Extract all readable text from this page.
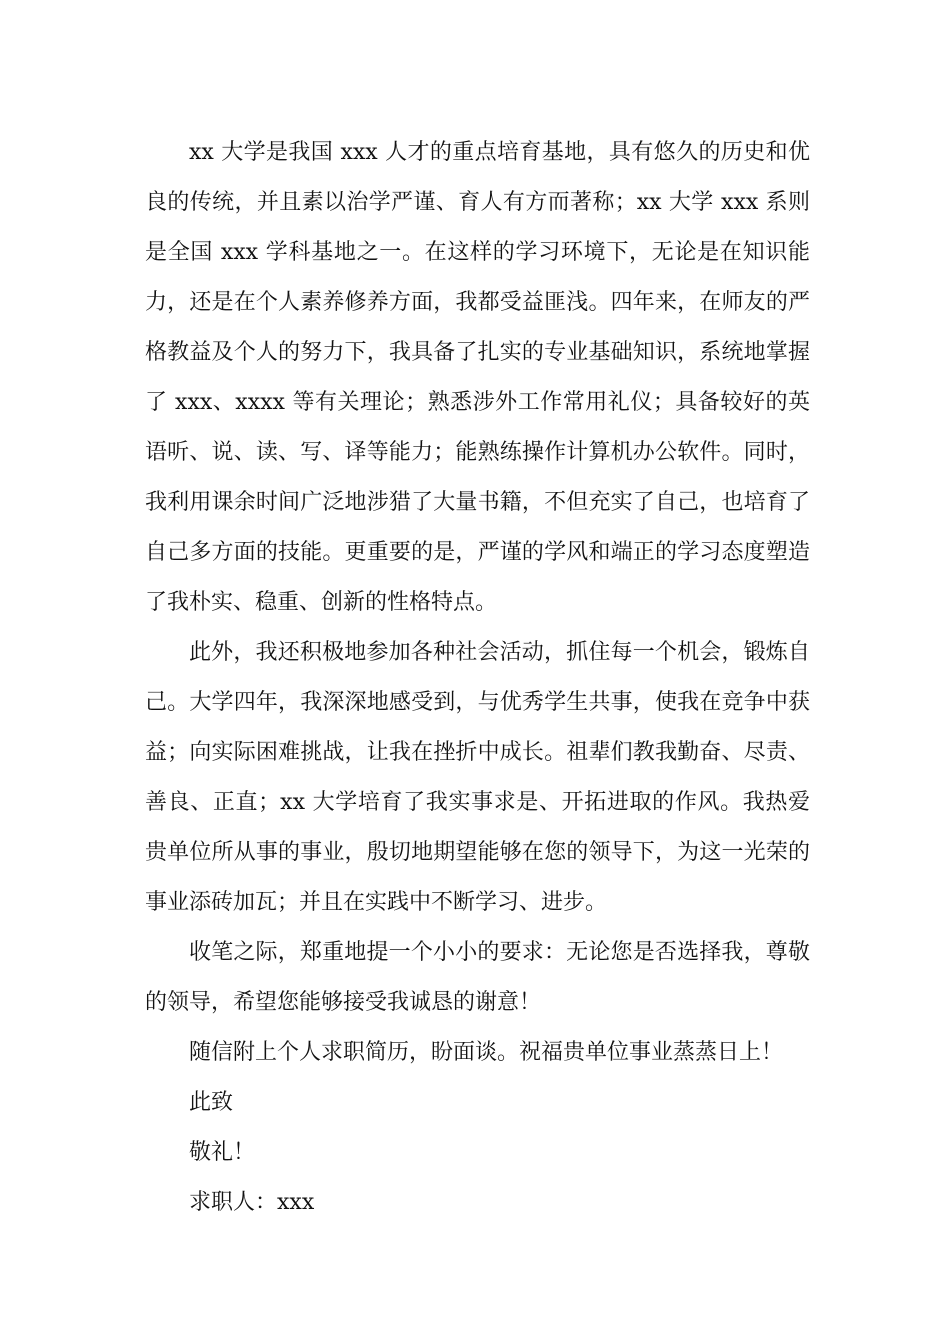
xx 大学是我国 xxx 人才的重点培育基地，具有悠久的历史和优良的传统，并且素以治学严谨、育人有方而著称；xx 大学 xxx 系则是全国 xxx 学科基地之一。在这样的学习环境下，无论是在知识能力，还是在个人素养修养方面，我都受益匪浅。四年来，在师友的严格教益及个人的努力下，我具备了扎实的专业基础知识，系统地掌握了 xxx、xxxx 等有关理论；熟悉涉外工作常用礼仪；具备较好的英语听、说、读、写、译等能力；能熟练操作计算机办公软件。同时，我利用课余时间广泛地涉猎了大量书籍，不但充实了自己，也培育了自己多方面的技能。更重要的是，严谨的学风和端正的学习态度塑造了我朴实、稳重、创新的性格特点。

此外，我还积极地参加各种社会活动，抓住每一个机会，锻炼自己。大学四年，我深深地感受到，与优秀学生共事，使我在竞争中获益；向实际困难挑战，让我在挫折中成长。祖辈们教我勤奋、尽责、善良、正直；xx 大学培育了我实事求是、开拓进取的作风。我热爱贵单位所从事的事业，殷切地期望能够在您的领导下，为这一光荣的事业添砖加瓦；并且在实践中不断学习、进步。

收笔之际，郑重地提一个小小的要求：无论您是否选择我，尊敬的领导，希望您能够接受我诚恳的谢意！

随信附上个人求职简历，盼面谈。祝福贵单位事业蒸蒸日上！

此致

敬礼！

求职人：xxx
